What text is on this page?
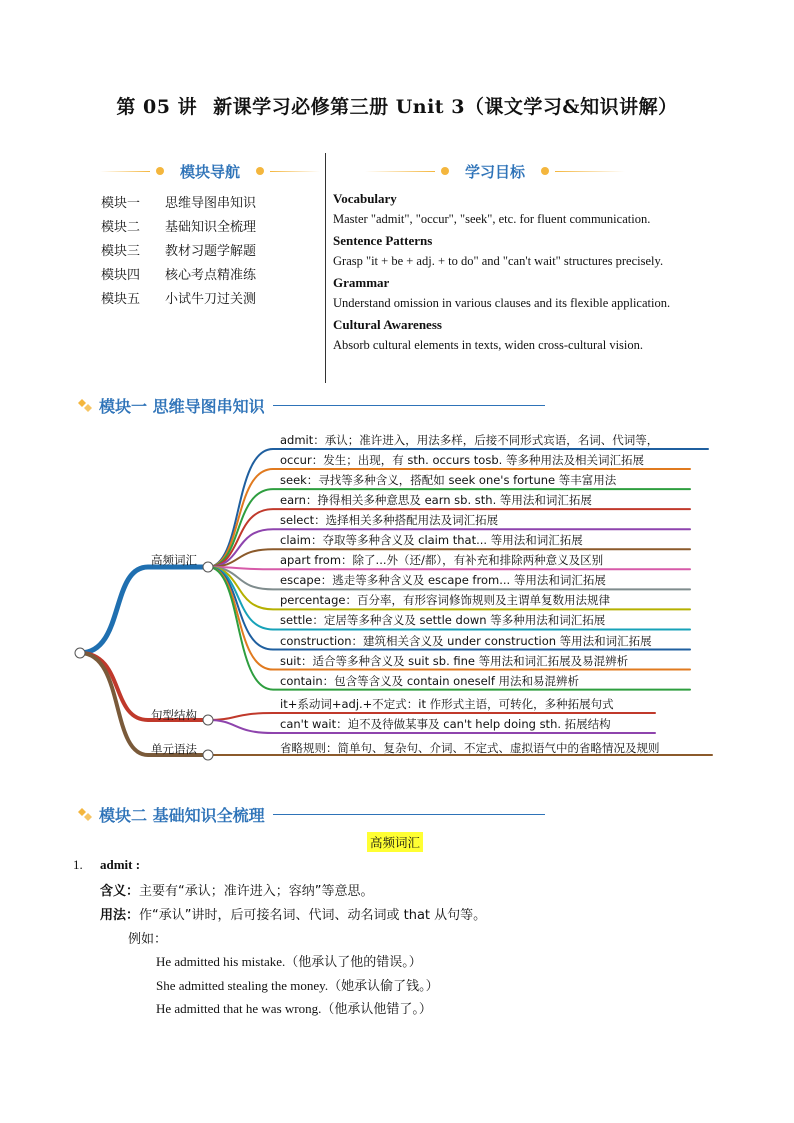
第 05 讲 新课学习必修第三册 Unit 3（课文学习&知识讲解）
模块导航
模块一	思维导图串知识
模块二	基础知识全梳理
模块三	教材习题学解题
模块四	核心考点精准练
模块五	小试牛刀过关测
学习目标
Vocabulary
Master "admit", "occur", "seek", etc. for fluent communication.
Sentence Patterns
Grasp "it + be + adj. + to do" and "can't wait" structures precisely.
Grammar
Understand omission in various clauses and its flexible application.
Cultural Awareness
Absorb cultural elements in texts, widen cross-cultural vision.
模块一 思维导图串知识
高频词汇
句型结构
单元语法
admit：承认；准许进入，用法多样，后接不同形式宾语，名词、代词等，
occur：发生；出现，有 sth. occurs tosb. 等多种用法及相关词汇拓展
seek：寻找等多种含义，搭配如 seek one's fortune 等丰富用法
earn：挣得相关多种意思及 earn sb. sth. 等用法和词汇拓展
select：选择相关多种搭配用法及词汇拓展
claim：夺取等多种含义及 claim that... 等用法和词汇拓展
apart from：除了...外（还/都），有补充和排除两种意义及区别
escape：逃走等多种含义及 escape from... 等用法和词汇拓展
percentage：百分率，有形容词修饰规则及主谓单复数用法规律
settle：定居等多种含义及 settle down 等多种用法和词汇拓展
construction：建筑相关含义及 under construction 等用法和词汇拓展
suit：适合等多种含义及 suit sb. fine 等用法和词汇拓展及易混辨析
contain：包含等含义及 contain oneself 用法和易混辨析
it+系动词+adj.+不定式：it 作形式主语，可转化，多种拓展句式
can't wait：迫不及待做某事及 can't help doing sth. 拓展结构
省略规则：简单句、复杂句、介词、不定式、虚拟语气中的省略情况及规则
模块二 基础知识全梳理
高频词汇
1. admit :
含义：主要有“承认；准许进入；容纳”等意思。
用法：作“承认”讲时，后可接名词、代词、动名词或 that 从句等。
例如：
He admitted his mistake.（他承认了他的错误。）
She admitted stealing the money.（她承认偷了钱。）
He admitted that he was wrong.（他承认他错了。）
